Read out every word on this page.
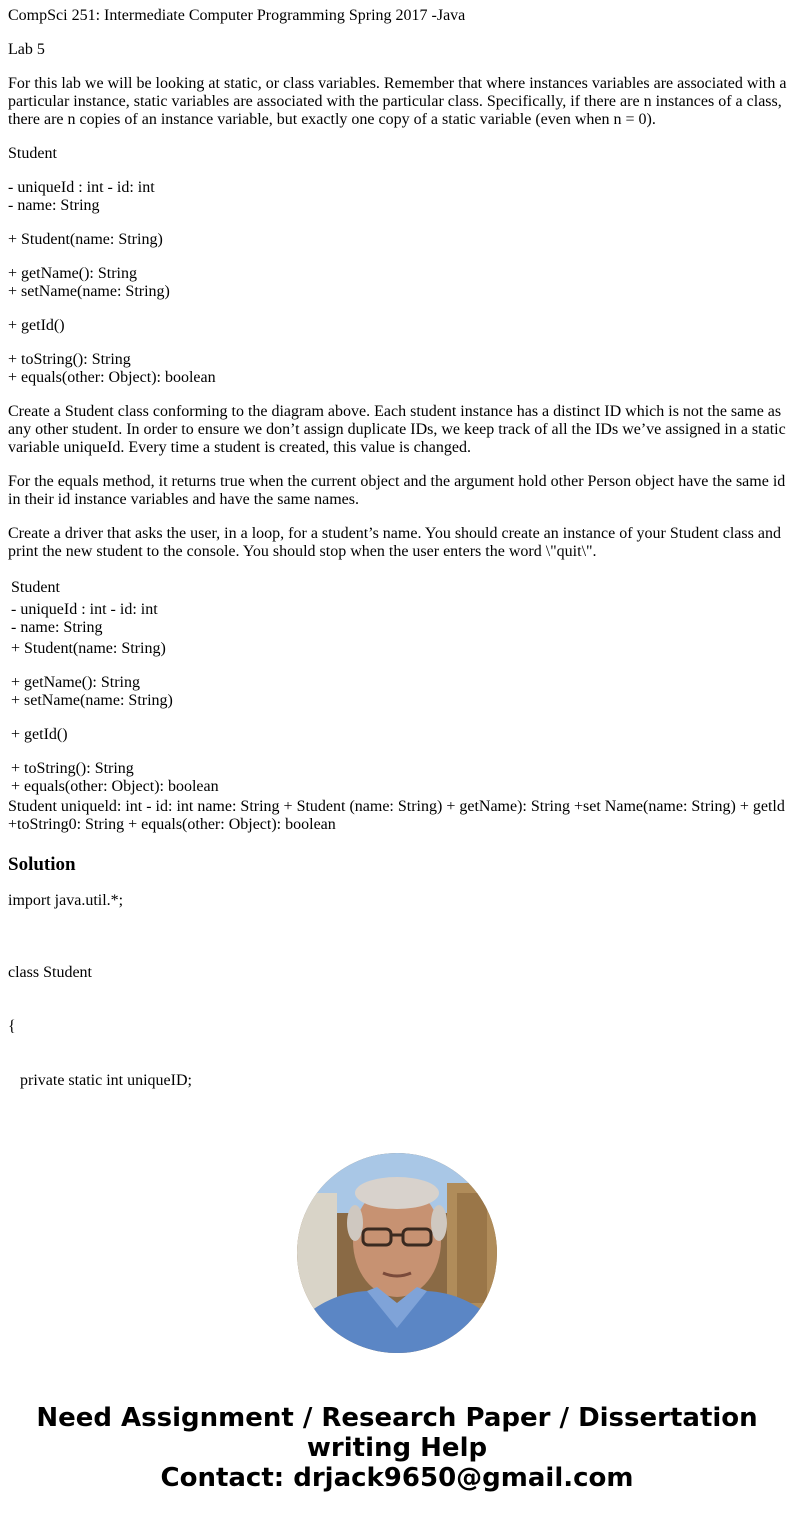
CompSci 251: Intermediate Computer Programming Spring 2017 -Java

Lab 5

For this lab we will be looking at static, or class variables. Remember that where instances variables are associated with a particular instance, static variables are associated with the particular class. Specifically, if there are n instances of a class, there are n copies of an instance variable, but exactly one copy of a static variable (even when n = 0).

Student

- uniqueId : int - id: int
- name: String

+ Student(name: String)

+ getName(): String
+ setName(name: String)

+ getId()

+ toString(): String
+ equals(other: Object): boolean

Create a Student class conforming to the diagram above. Each student instance has a distinct ID which is not the same as any other student. In order to ensure we don’t assign duplicate IDs, we keep track of all the IDs we’ve assigned in a static variable uniqueId. Every time a student is created, this value is changed.

For the equals method, it returns true when the current object and the argument hold other Person object have the same id in their id instance variables and have the same names.

Create a driver that asks the user, in a loop, for a student’s name. You should create an instance of your Student class and print the new student to the console. You should stop when the user enters the word \"quit\".

Student
- uniqueId : int - id: int
- name: String
+ Student(name: String)
+ getName(): String
+ setName(name: String)
+ getId()
+ toString(): String
+ equals(other: Object): boolean

Student uniqueld: int - id: int name: String + Student (name: String) + getName): String +set Name(name: String) + getld +toString0: String + equals(other: Object): boolean

Solution

import java.util.*;

class Student

{

private static int uniqueID;

Need Assignment / Research Paper / Dissertation
writing Help
Contact: drjack9650@gmail.com
